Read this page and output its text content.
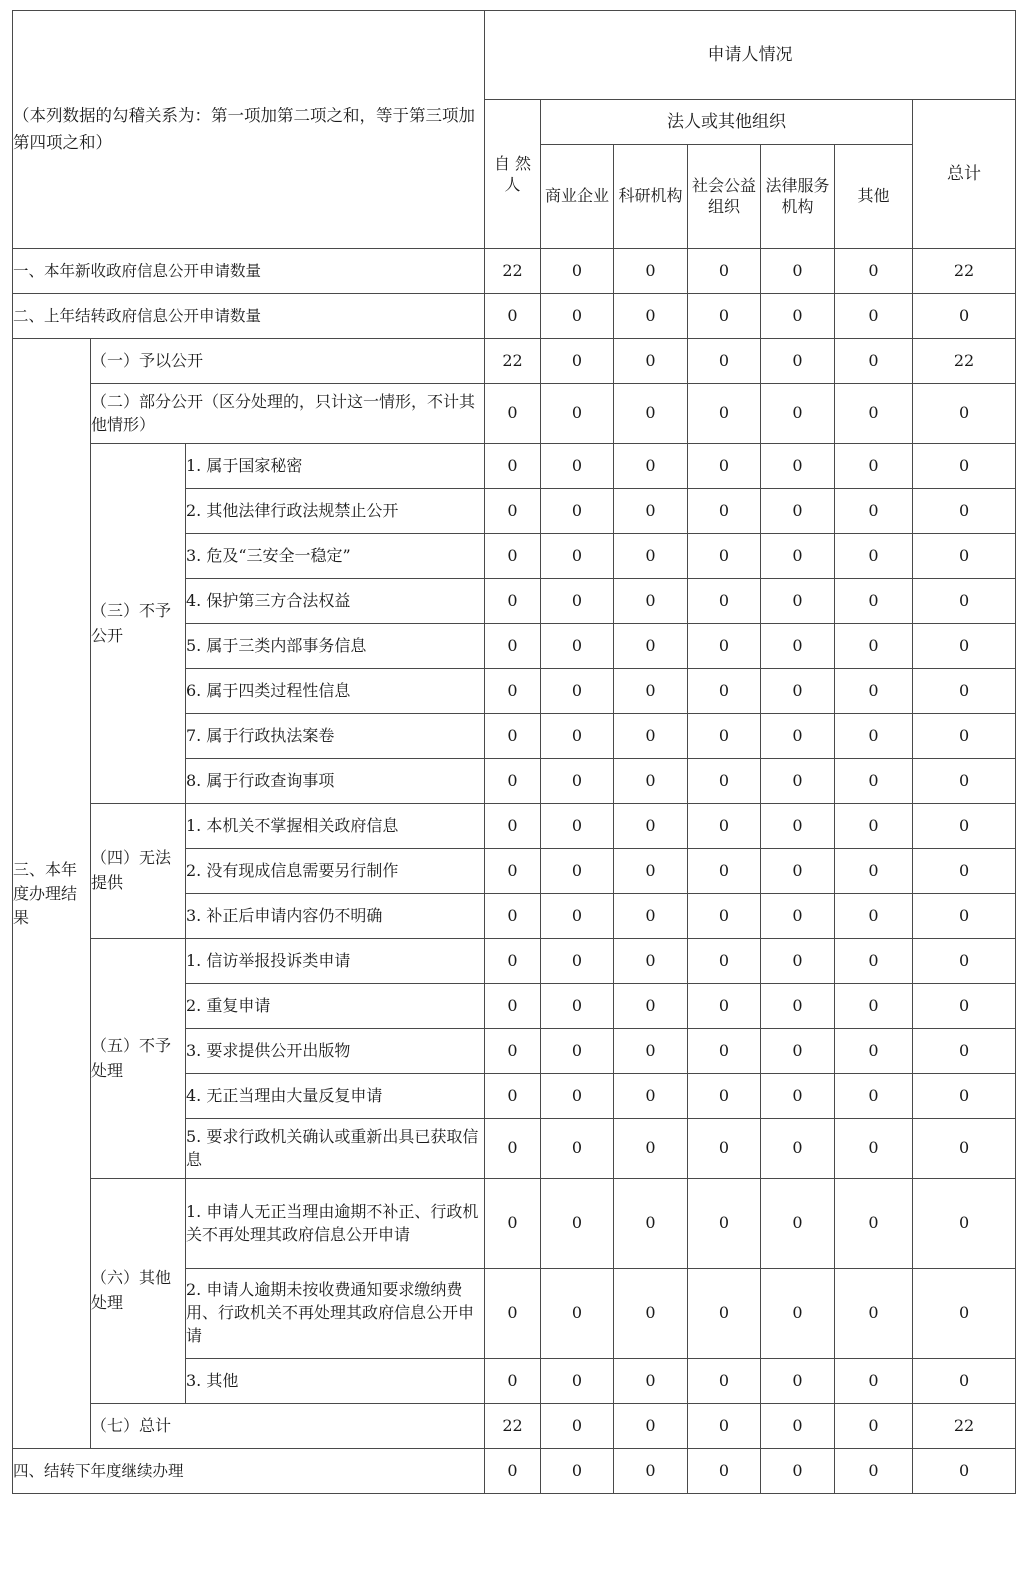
（本列数据的勾稽关系为：第一项加第二项之和，等于第三项加第四项之和）			申请人情况						
			自 然 人	法人或其他组织					总计
				商业企业	科研机构	社会公益组织	法律服务机构	其他	
一、本年新收政府信息公开申请数量			22	0	0	0	0	0	22
二、上年结转政府信息公开申请数量			0	0	0	0	0	0	0
三、本年度办理结果	（一）予以公开		22	0	0	0	0	0	22
	（二）部分公开（区分处理的，只计这一情形，不计其他情形）		0	0	0	0	0	0	0
	（三）不予公开	1. 属于国家秘密	0	0	0	0	0	0	0
		2. 其他法律行政法规禁止公开	0	0	0	0	0	0	0
		3. 危及“三安全一稳定”	0	0	0	0	0	0	0
		4. 保护第三方合法权益	0	0	0	0	0	0	0
		5. 属于三类内部事务信息	0	0	0	0	0	0	0
		6. 属于四类过程性信息	0	0	0	0	0	0	0
		7. 属于行政执法案卷	0	0	0	0	0	0	0
		8. 属于行政查询事项	0	0	0	0	0	0	0
	（四）无法提供	1. 本机关不掌握相关政府信息	0	0	0	0	0	0	0
		2. 没有现成信息需要另行制作	0	0	0	0	0	0	0
		3. 补正后申请内容仍不明确	0	0	0	0	0	0	0
	（五）不予处理	1. 信访举报投诉类申请	0	0	0	0	0	0	0
		2. 重复申请	0	0	0	0	0	0	0
		3. 要求提供公开出版物	0	0	0	0	0	0	0
		4. 无正当理由大量反复申请	0	0	0	0	0	0	0
		5. 要求行政机关确认或重新出具已获取信息	0	0	0	0	0	0	0
	（六）其他处理	1. 申请人无正当理由逾期不补正、行政机关不再处理其政府信息公开申请	0	0	0	0	0	0	0
		2. 申请人逾期未按收费通知要求缴纳费用、行政机关不再处理其政府信息公开申请	0	0	0	0	0	0	0
		3. 其他	0	0	0	0	0	0	0
	（七）总计		22	0	0	0	0	0	22
四、结转下年度继续办理			0	0	0	0	0	0	0
